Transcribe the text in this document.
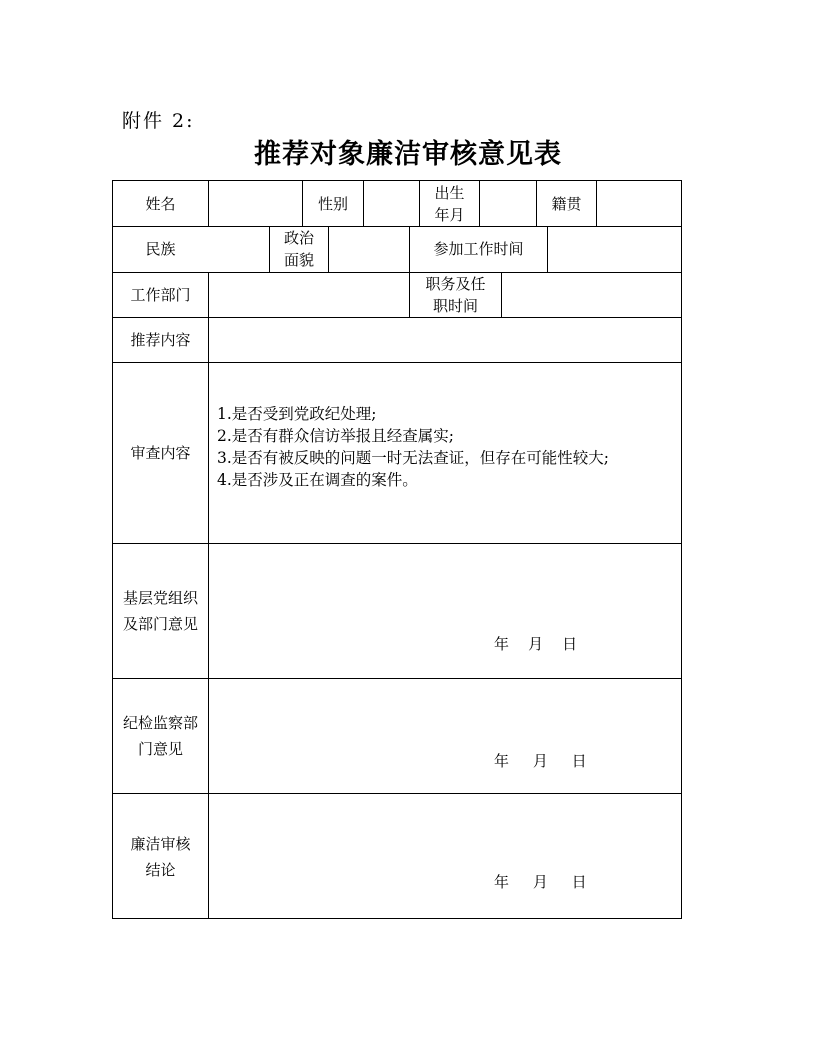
附件 2:
推荐对象廉洁审核意见表
姓名	性别
出生
年月
籍贯
民族
政治
面貌
参加工作时间
工作部门
职务及任
职时间
推荐内容
审查内容
1.是否受到党政纪处理;
2.是否有群众信访举报且经查属实;
3.是否有被反映的问题一时无法查证，但存在可能性较大;
4.是否涉及正在调查的案件。
基层党组织
及部门意见
年    月    日
纪检监察部
门意见
年     月     日
廉洁审核
结论
年     月     日
